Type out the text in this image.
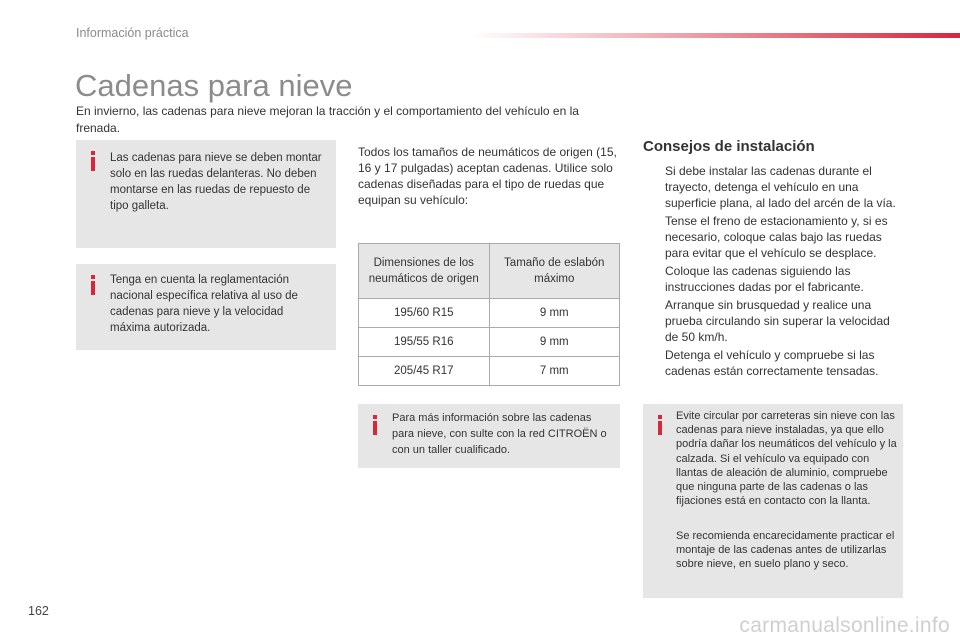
Información práctica
Cadenas para nieve

En invierno, las cadenas para nieve mejoran la tracción y el comportamiento del vehículo en la frenada.

Las cadenas para nieve se deben montar solo en las ruedas delanteras. No deben montarse en las ruedas de repuesto de tipo galleta.
Tenga en cuenta la reglamentación nacional específica relativa al uso de cadenas para nieve y la velocidad máxima autorizada.

Todos los tamaños de neumáticos de origen (15, 16 y 17 pulgadas) aceptan cadenas. Utilice solo cadenas diseñadas para el tipo de ruedas que equipan su vehículo:

Dimensiones de los neumáticos de origen	Tamaño de eslabón máximo
195/60 R15	9 mm
195/55 R16	9 mm
205/45 R17	7 mm
Para más información sobre las cadenas para nieve, con sulte con la red CITROËN o con un taller cualificado.
Consejos de instalación
Si debe instalar las cadenas durante el trayecto, detenga el vehículo en una superficie plana, al lado del arcén de la vía.
Tense el freno de estacionamiento y, si es necesario, coloque calas bajo las ruedas para evitar que el vehículo se desplace.
Coloque las cadenas siguiendo las instrucciones dadas por el fabricante.
Arranque sin brusquedad y realice una prueba circulando sin superar la velocidad de 50 km/h.
Detenga el vehículo y compruebe si las cadenas están correctamente tensadas.
Evite circular por carreteras sin nieve con las cadenas para nieve instaladas, ya que ello podría dañar los neumáticos del vehículo y la calzada. Si el vehículo va equipado con llantas de aleación de aluminio, compruebe que ninguna parte de las cadenas o las fijaciones está en contacto con la llanta.
Se recomienda encarecidamente practicar el montaje de las cadenas antes de utilizarlas sobre nieve, en suelo plano y seco.
162
carmanualsonline.info
